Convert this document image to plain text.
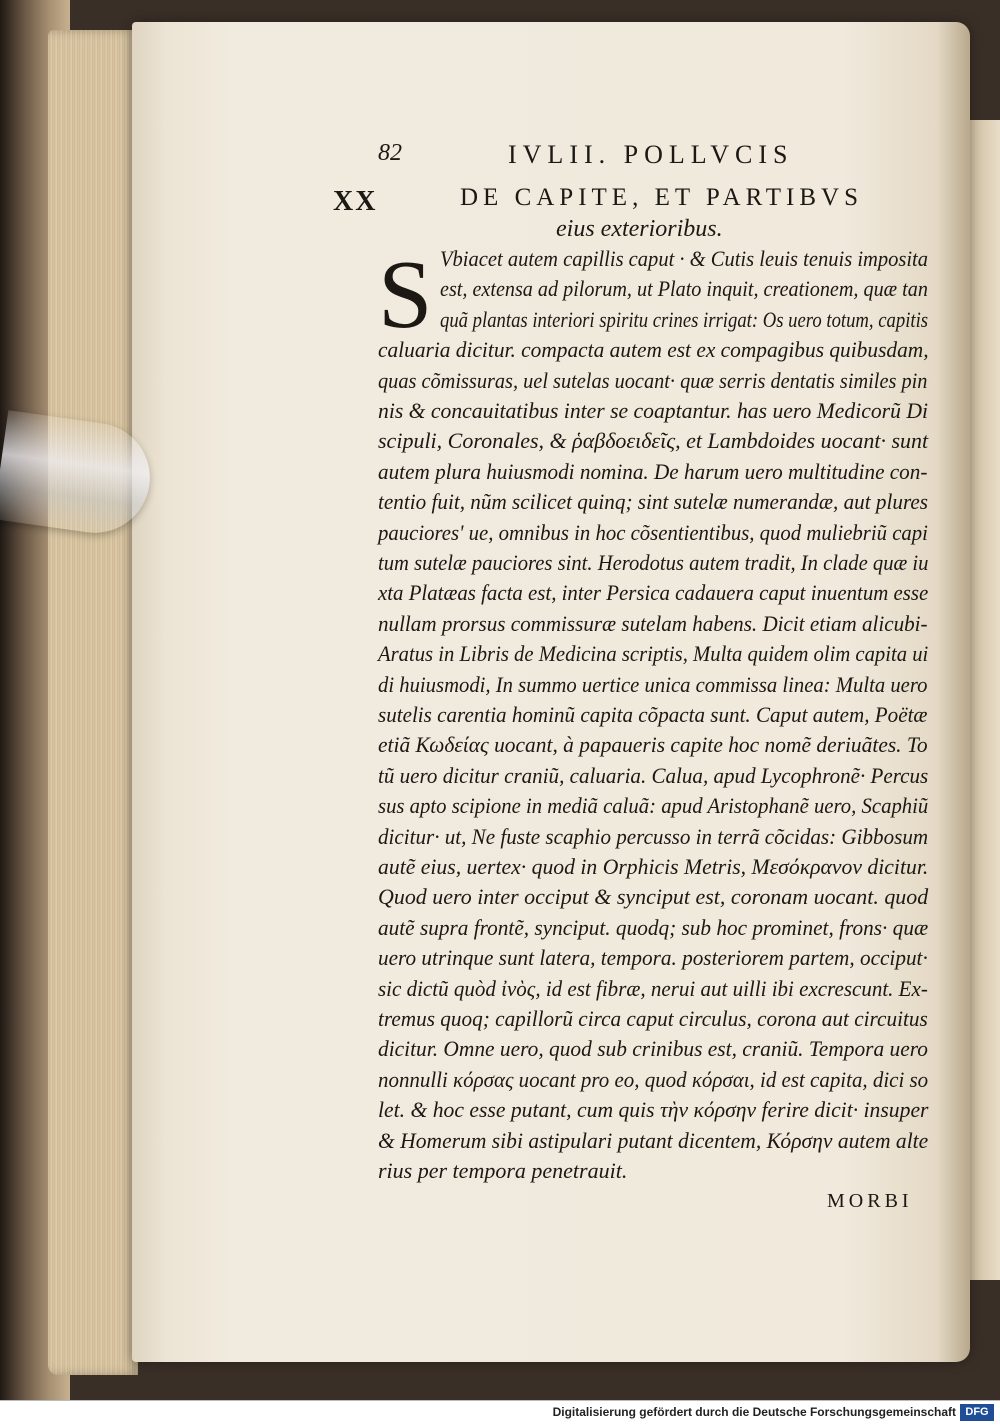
82	IVLII. POLLVCIS
XX	DE CAPITE, ET PARTIBVS
eius exterioribus.
S Vbiacet autem capillis caput · & Cutis leuis tenuis imposita
est, extensa ad pilorum, ut Plato inquit, creationem, quæ tan
quã plantas interiori spiritu crines irrigat: Os uero totum, capitis
caluaria dicitur. compacta autem est ex compagibus quibusdam,
quas cõmissuras, uel sutelas uocant· quæ serris dentatis similes pin
nis & concauitatibus inter se coaptantur. has uero Medicorũ Di
scipuli, Coronales, & ῥαβδοειδεῖς, et Lambdoides uocant· sunt
autem plura huiusmodi nomina. De harum uero multitudine con-
tentio fuit, nũm scilicet quinq; sint sutelæ numerandæ, aut plures
pauciores' ue, omnibus in hoc cõsentientibus, quod muliebriũ capi
tum sutelæ pauciores sint. Herodotus autem tradit, In clade quæ iu
xta Platæas facta est, inter Persica cadauera caput inuentum esse
nullam prorsus commissuræ sutelam habens. Dicit etiam alicubi-
Aratus in Libris de Medicina scriptis, Multa quidem olim capita ui
di huiusmodi, In summo uertice unica commissa linea: Multa uero
sutelis carentia hominũ capita cõpacta sunt. Caput autem, Poëtæ
etiã Κωδείας uocant, à papaueris capite hoc nomẽ deriuãtes. To
tũ uero dicitur craniũ, caluaria. Calua, apud Lycophronẽ· Percus
sus apto scipione in mediã caluã: apud Aristophanẽ uero, Scaphiũ
dicitur· ut, Ne fuste scaphio percusso in terrã cõcidas: Gibbosum
autẽ eius, uertex· quod in Orphicis Metris, Μεσόκρανον dicitur.
Quod uero inter occiput & synciput est, coronam uocant. quod
autẽ supra frontẽ, synciput. quodq; sub hoc prominet, frons· quæ
uero utrinque sunt latera, tempora. posteriorem partem, occiput·
sic dictũ quòd ἰνὸς, id est fibræ, nerui aut uilli ibi excrescunt. Ex-
tremus quoq; capillorũ circa caput circulus, corona aut circuitus
dicitur. Omne uero, quod sub crinibus est, craniũ. Tempora uero
nonnulli κόρσας uocant pro eo, quod κόρσαι, id est capita, dici so
let. & hoc esse putant, cum quis τὴν κόρσην ferire dicit· insuper
& Homerum sibi astipulari putant dicentem, Κόρσην autem alte
rius per tempora penetrauit.
MORBI
Digitalisierung gefördert durch die Deutsche Forschungsgemeinschaft DFG
